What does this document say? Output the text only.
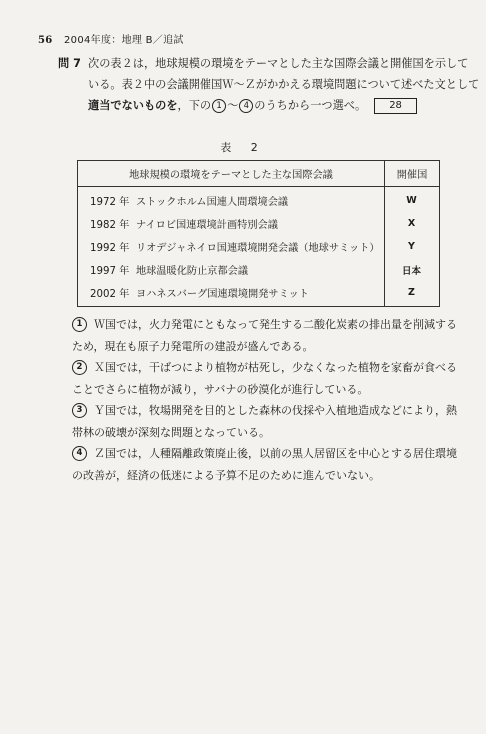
56 2004年度：地理 B／追試
問 7 次の表２は，地球規模の環境をテーマとした主な国際会議と開催国を示して
いる。表２中の会議開催国Ｗ～Ｚがかかえる環境問題について述べた文として
適当でないものを，下の 1 ～ 4 のうちから一つ選べ。 28
表 2
地球規模の環境をテーマとした主な国際会議	開催国
1972 年 ストックホルム国連人間環境会議	W
1982 年 ナイロビ国連環境計画特別会議	X
1992 年 リオデジャネイロ国連環境開発会議（地球サミット）	Y
1997 年 地球温暖化防止京都会議	日本
2002 年 ヨハネスバーグ国連環境開発サミット	Z
1	Ｗ国では，火力発電にともなって発生する二酸化炭素の排出量を削減する
ため，現在も原子力発電所の建設が盛んである。
2	Ｘ国では，干ばつにより植物が枯死し，少なくなった植物を家畜が食べる
ことでさらに植物が減り，サバナの砂漠化が進行している。
3	Ｙ国では，牧場開発を目的とした森林の伐採や入植地造成などにより，熱
帯林の破壊が深刻な問題となっている。
4	Ｚ国では，人種隔離政策廃止後，以前の黒人居留区を中心とする居住環境
の改善が，経済の低迷による予算不足のために進んでいない。
